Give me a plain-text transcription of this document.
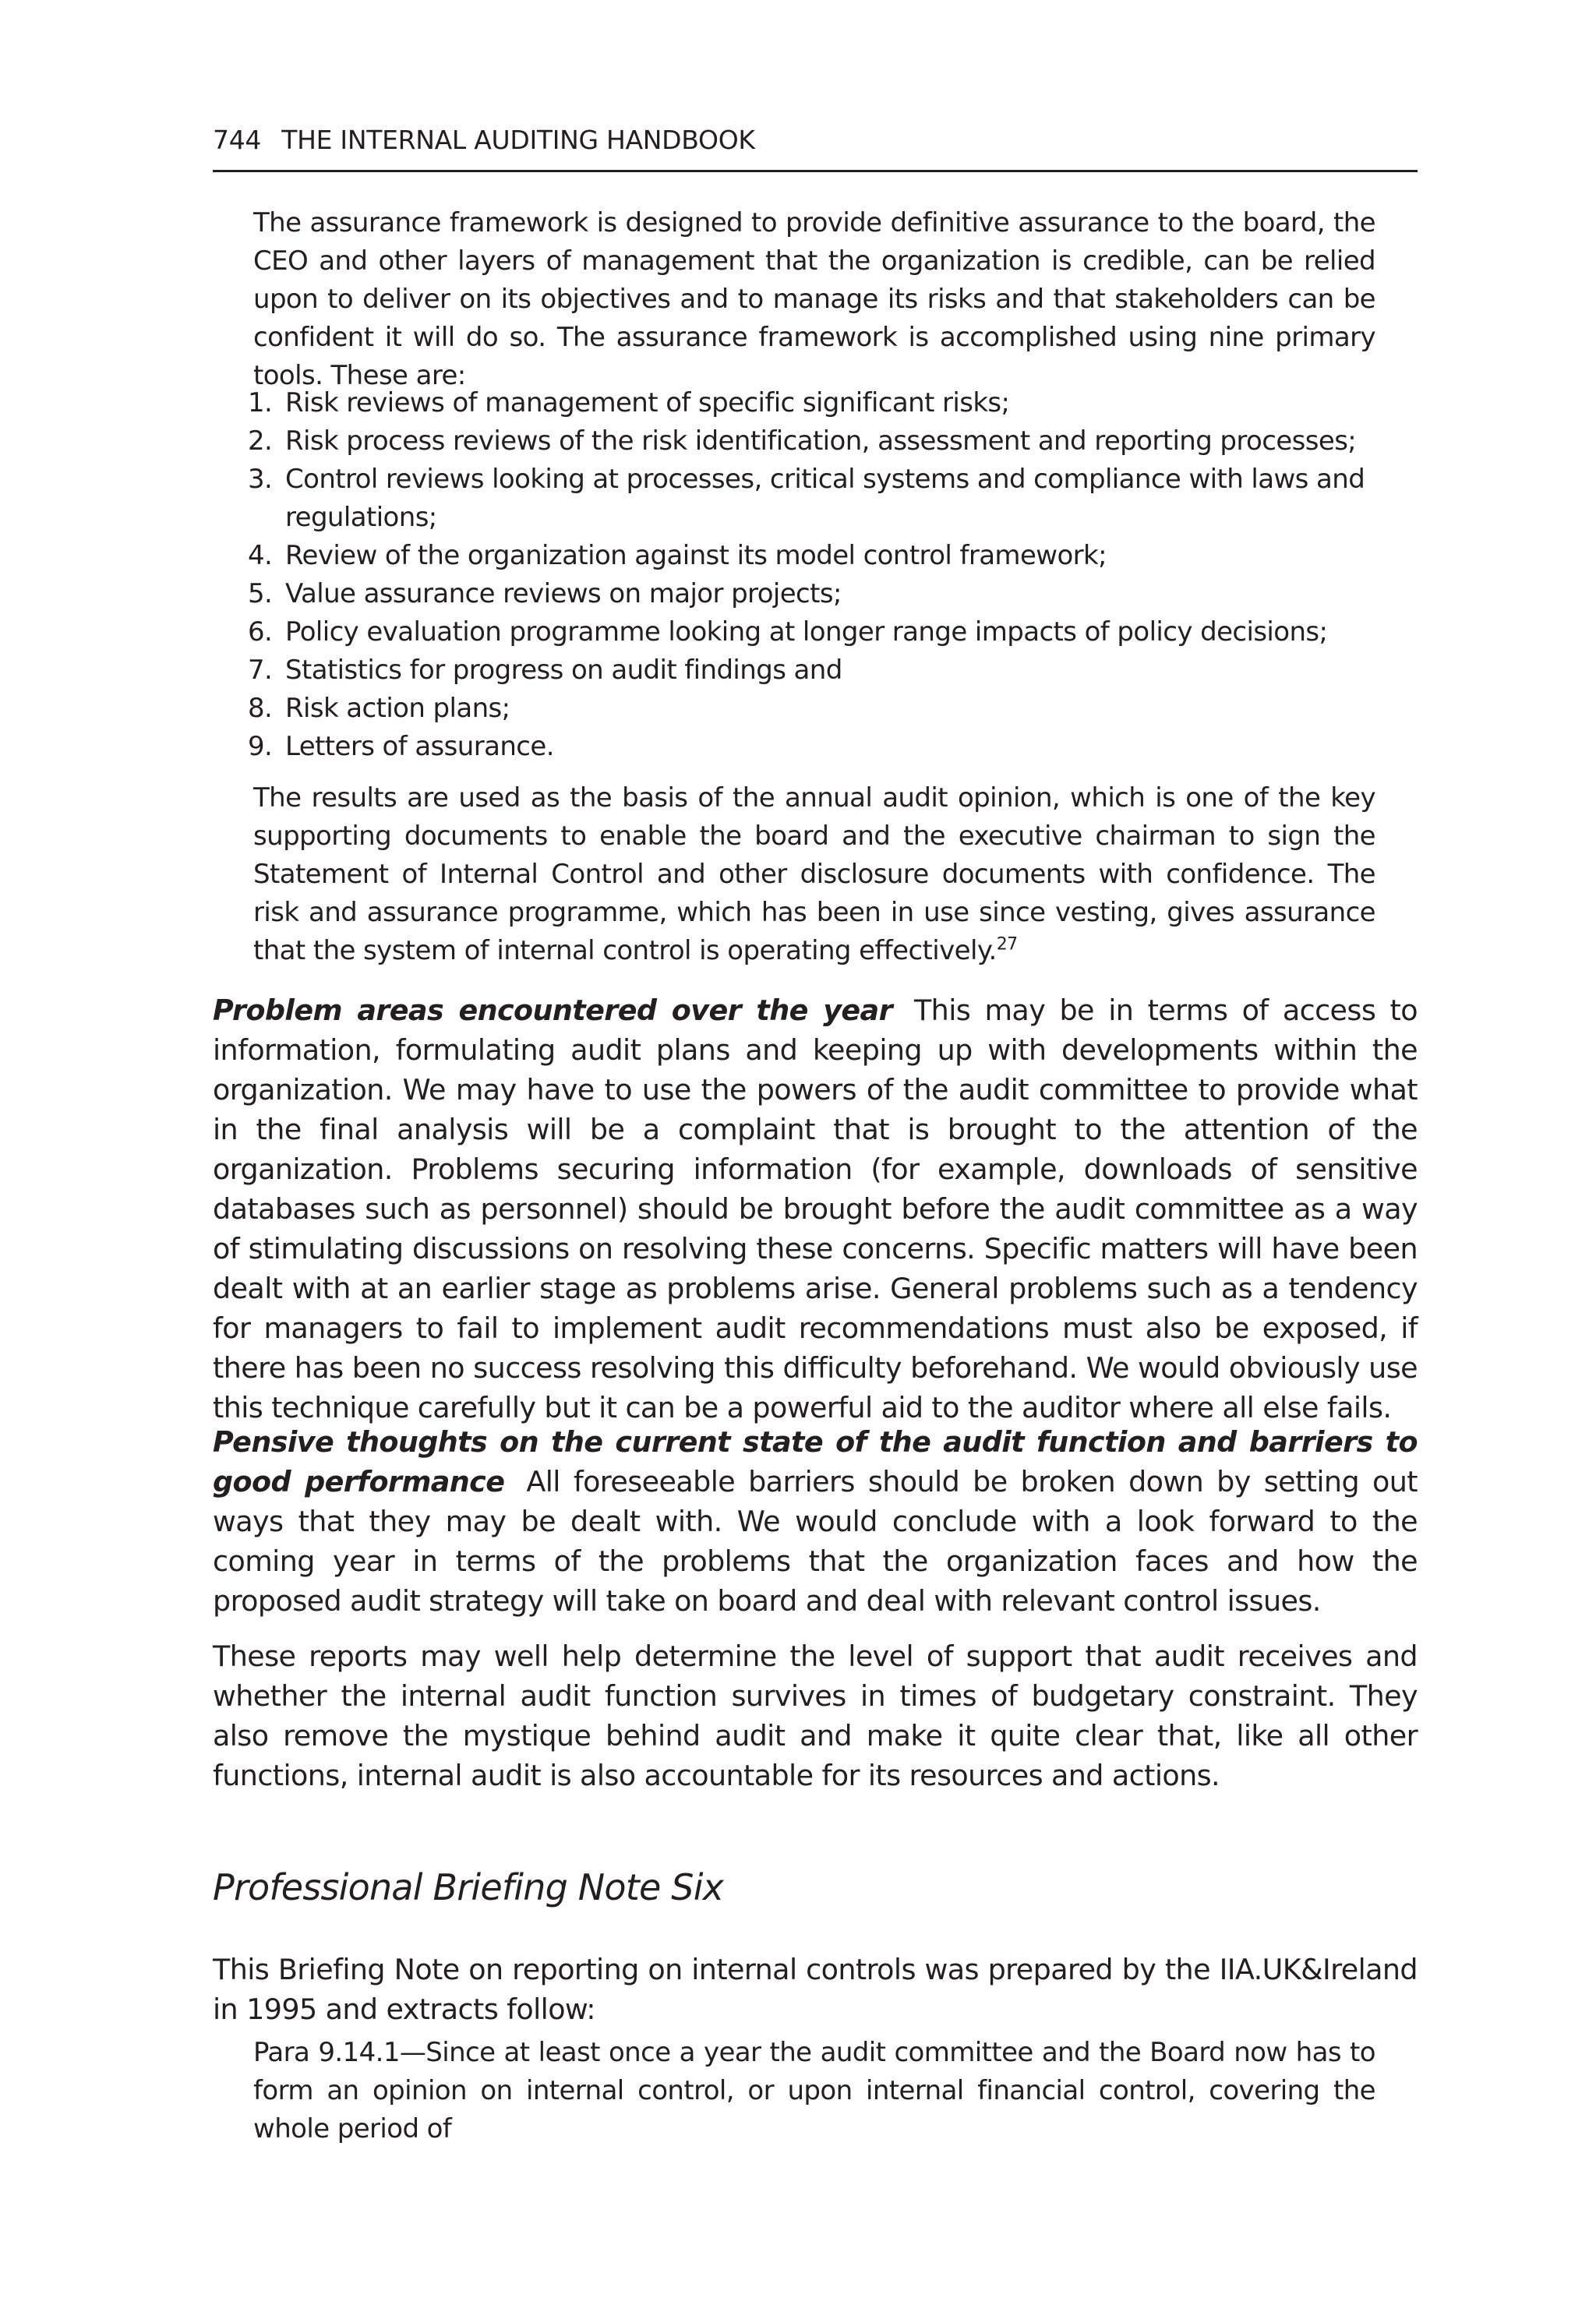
744 THE INTERNAL AUDITING HANDBOOK
The assurance framework is designed to provide definitive assurance to the board, the CEO and other layers of management that the organization is credible, can be relied upon to deliver on its objectives and to manage its risks and that stakeholders can be confident it will do so. The assurance framework is accomplished using nine primary tools. These are:
1. Risk reviews of management of specific significant risks;
2. Risk process reviews of the risk identification, assessment and reporting processes;
3. Control reviews looking at processes, critical systems and compliance with laws and regulations;
4. Review of the organization against its model control framework;
5. Value assurance reviews on major projects;
6. Policy evaluation programme looking at longer range impacts of policy decisions;
7. Statistics for progress on audit findings and
8. Risk action plans;
9. Letters of assurance.
The results are used as the basis of the annual audit opinion, which is one of the key supporting documents to enable the board and the executive chairman to sign the Statement of Internal Control and other disclosure documents with confidence. The risk and assurance programme, which has been in use since vesting, gives assurance that the system of internal control is operating effectively.$^{27}$
Problem areas encountered over the year This may be in terms of access to information, formulating audit plans and keeping up with developments within the organization. We may have to use the powers of the audit committee to provide what in the final analysis will be a complaint that is brought to the attention of the organization. Problems securing information (for example, downloads of sensitive databases such as personnel) should be brought before the audit committee as a way of stimulating discussions on resolving these concerns. Specific matters will have been dealt with at an earlier stage as problems arise. General problems such as a tendency for managers to fail to implement audit recommendations must also be exposed, if there has been no success resolving this difficulty beforehand. We would obviously use this technique carefully but it can be a powerful aid to the auditor where all else fails.
Pensive thoughts on the current state of the audit function and barriers to good performance All foreseeable barriers should be broken down by setting out ways that they may be dealt with. We would conclude with a look forward to the coming year in terms of the problems that the organization faces and how the proposed audit strategy will take on board and deal with relevant control issues.
These reports may well help determine the level of support that audit receives and whether the internal audit function survives in times of budgetary constraint. They also remove the mystique behind audit and make it quite clear that, like all other functions, internal audit is also accountable for its resources and actions.
Professional Briefing Note Six
This Briefing Note on reporting on internal controls was prepared by the IIA.UK&Ireland in 1995 and extracts follow:
Para 9.14.1—Since at least once a year the audit committee and the Board now has to form an opinion on internal control, or upon internal financial control, covering the whole period of
